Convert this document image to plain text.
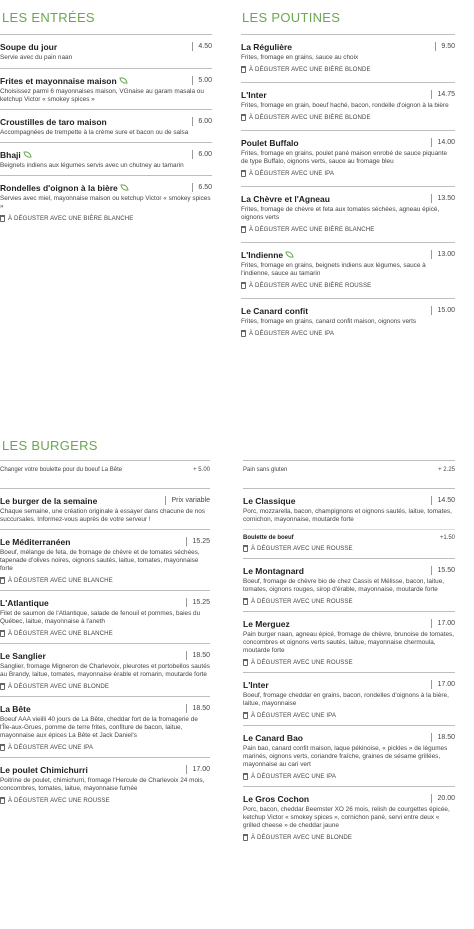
LES ENTRÉES	LES POUTINES
LES BURGERS
Soupe du jour	4.50
Servie avec du pain naan
Frites et mayonnaise maison	5.00
Choisissez parmi 6 mayonnaises maison, VGnaise au garam masala ou ketchup Victor « smokey spices »
Croustilles de taro maison	6.00
Accompagnées de trempette à la crème sure et bacon ou de salsa
Bhaji	6.00
Beignets indiens aux légumes servis avec un chutney au tamarin
Rondelles d'oignon à la bière	6.50
Servies avec miel, mayonnaise maison ou ketchup Victor « smokey spices »
À DÉGUSTER AVEC UNE BIÈRE BLANCHE
La Régulière	9.50
Frites, fromage en grains, sauce au choix
À DÉGUSTER AVEC UNE BIÈRE BLONDE
L'Inter	14.75
Frites, fromage en grain, boeuf haché, bacon, rondelle d'oignon à la bière
À DÉGUSTER AVEC UNE BIÈRE BLONDE
Poulet Buffalo	14.00
Frites, fromage en grains, poulet pané maison enrobé de sauce piquante de type Buffalo, oignons verts, sauce au fromage bleu
À DÉGUSTER AVEC UNE IPA
La Chèvre et l'Agneau	13.50
Frites, fromage de chèvre et feta aux tomates séchées, agneau épicé, oignons verts
À DÉGUSTER AVEC UNE BIÈRE BLANCHE
L'Indienne	13.00
Frites, fromage en grains, beignets indiens aux légumes, sauce à l'indienne, sauce au tamarin
À DÉGUSTER AVEC UNE BIÈRE ROUSSE
Le Canard confit	15.00
Frites, fromage en grains, canard confit maison, oignons verts
À DÉGUSTER AVEC UNE IPA
Changer votre boulette pour du boeuf La Bête	+ 5.00
Le burger de la semaine	Prix variable
Chaque semaine, une création originale à essayer dans chacune de nos succursales. Informez-vous auprès de votre serveur !
Le Méditerranéen	15.25
Boeuf, mélange de feta, de fromage de chèvre et de tomates séchées, tapenade d'olives noires, oignons sautés, laitue, tomates, mayonnaise forte
À DÉGUSTER AVEC UNE BLANCHE
L'Atlantique	15.25
Filet de saumon de l'Atlantique, salade de fenouil et pommes, baies du Québec, laitue, mayonnaise à l'aneth
À DÉGUSTER AVEC UNE BLANCHE
Le Sanglier	18.50
Sanglier, fromage Migneron de Charlevoix, pleurotes et portobellos sautés au Brandy, laitue, tomates, mayonnaise érable et romarin, moutarde forte
À DÉGUSTER AVEC UNE BLONDE
La Bête	18.50
Boeuf AAA vieilli 40 jours de La Bête, cheddar fort de la fromagerie de l'Île-aux-Grues, pomme de terre frites, confiture de bacon, laitue, mayonnaise aux épices La Bête et Jack Daniel's
À DÉGUSTER AVEC UNE IPA
Le poulet Chimichurri	17.00
Poitrine de poulet, chimichurri, fromage l'Hercule de Charlevoix 24 mois, concombres, tomates, laitue, mayonnaise fumée
À DÉGUSTER AVEC UNE ROUSSE
Pain sans gluten	+ 2.25
Le Classique	14.50
Porc, mozzarella, bacon, champignons et oignons sautés, laitue, tomates, cornichon, mayonnaise, moutarde forte
Boulette de boeuf	+1.50
À DÉGUSTER AVEC UNE ROUSSE
Le Montagnard	15.50
Boeuf, fromage de chèvre bio de chez Cassis et Mélisse, bacon, laitue, tomates, oignons rouges, sirop d'érable, mayonnaise, moutarde forte
À DÉGUSTER AVEC UNE ROUSSE
Le Merguez	17.00
Pain burger naan, agneau épicé, fromage de chèvre, brunoise de tomates, concombres et oignons verts sautés, laitue, mayonnaise chermoula, moutarde forte
À DÉGUSTER AVEC UNE ROUSSE
L'Inter	17.00
Boeuf, fromage cheddar en grains, bacon, rondelles d'oignons à la bière, laitue, mayonnaise
À DÉGUSTER AVEC UNE IPA
Le Canard Bao	18.50
Pain bao, canard confit maison, laque pékinoise, « pickles » de légumes marinés, oignons verts, coriandre fraîche, graines de sésame grillées, mayonnaise au cari vert
À DÉGUSTER AVEC UNE IPA
Le Gros Cochon	20.00
Porc, bacon, cheddar Beemster XO 26 mois, relish de courgettes épicée, ketchup Victor « smokey spices », cornichon pané, servi entre deux « grilled cheese » de cheddar jaune
À DÉGUSTER AVEC UNE BLONDE
